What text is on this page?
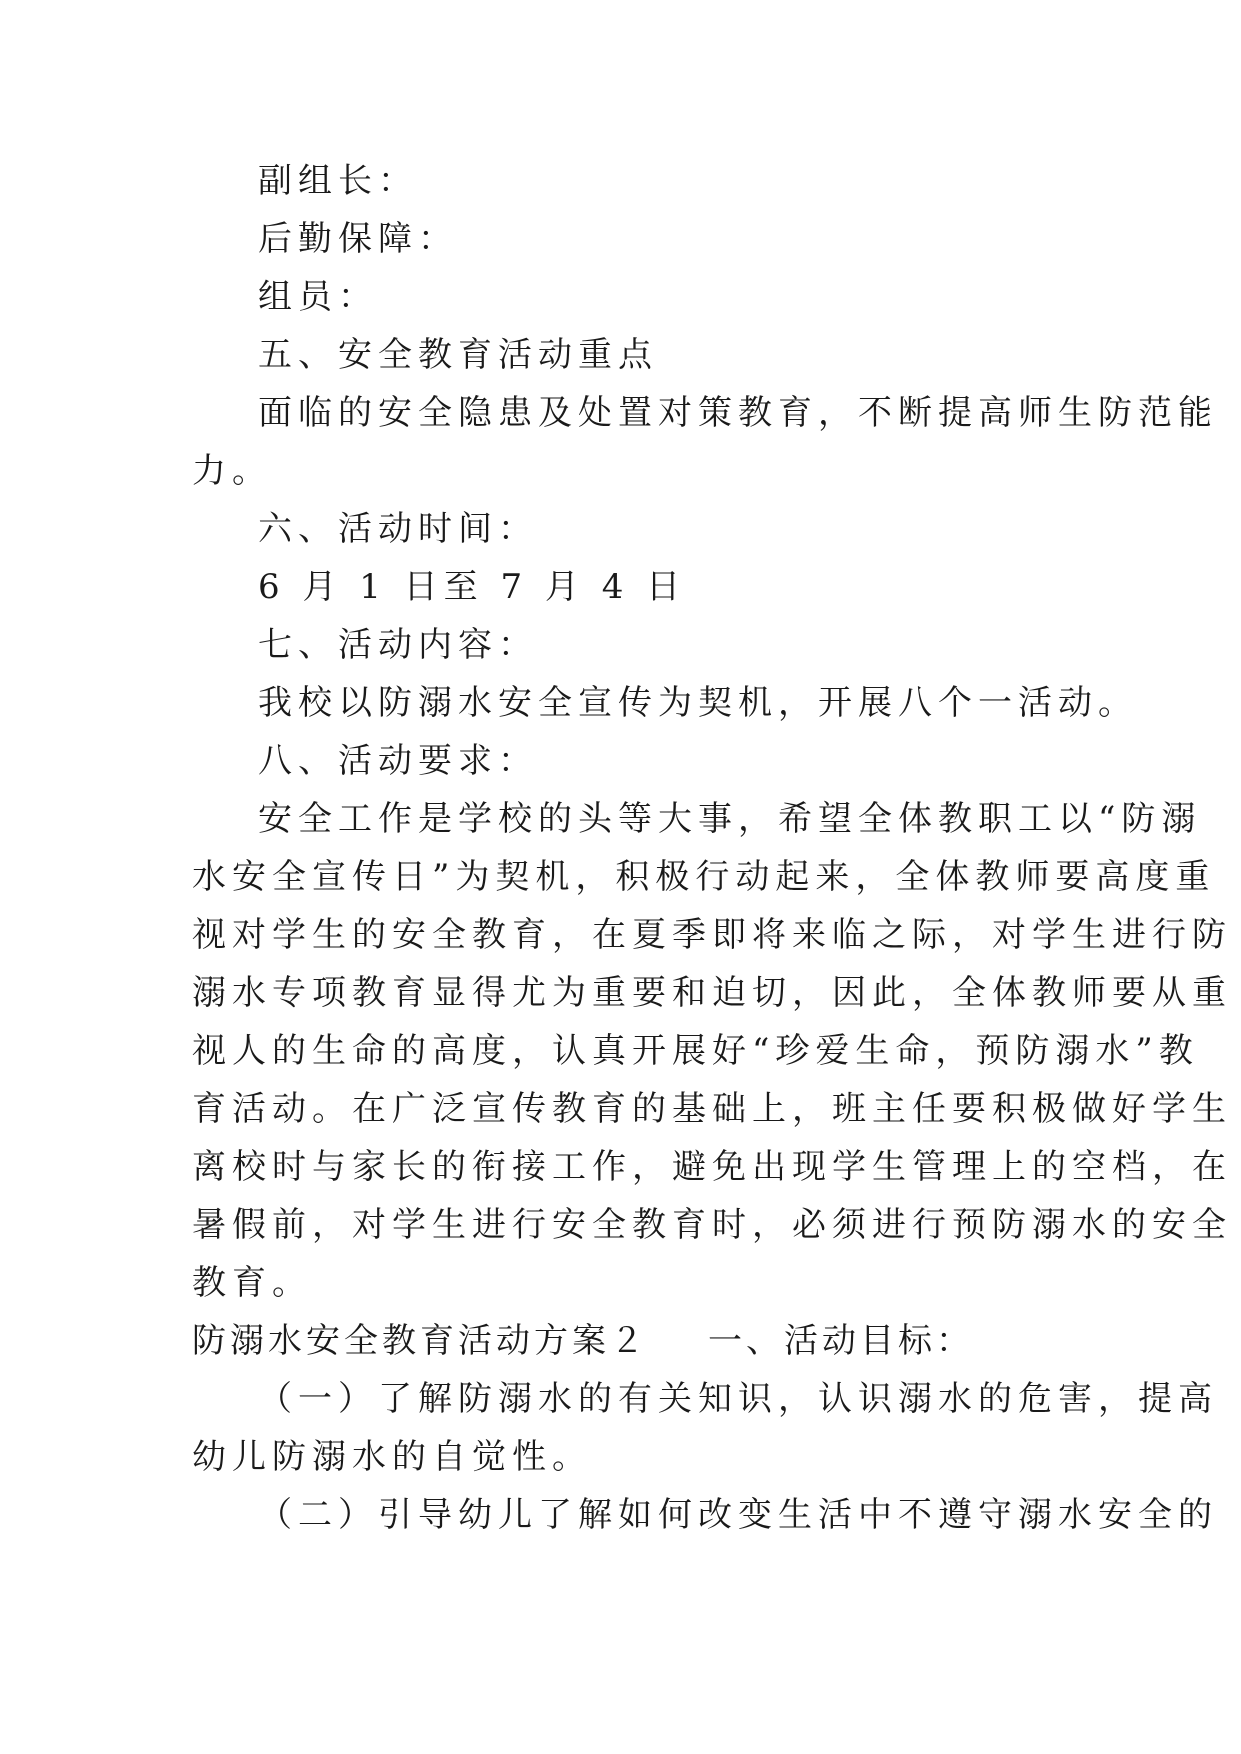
副组长：
后勤保障：
组员：
五、安全教育活动重点
面临的安全隐患及处置对策教育，不断提高师生防范能
力。
六、活动时间：
6 月 1 日至 7 月 4 日
七、活动内容：
我校以防溺水安全宣传为契机，开展八个一活动。
八、活动要求：
安全工作是学校的头等大事，希望全体教职工以“防溺
水安全宣传日”为契机，积极行动起来，全体教师要高度重
视对学生的安全教育，在夏季即将来临之际，对学生进行防
溺水专项教育显得尤为重要和迫切，因此，全体教师要从重
视人的生命的高度，认真开展好“珍爱生命，预防溺水”教
育活动。在广泛宣传教育的基础上，班主任要积极做好学生
离校时与家长的衔接工作，避免出现学生管理上的空档，在
暑假前，对学生进行安全教育时，必须进行预防溺水的安全
教育。
防溺水安全教育活动方案２ 一、活动目标：
（一）了解防溺水的有关知识，认识溺水的危害，提高
幼儿防溺水的自觉性。
（二）引导幼儿了解如何改变生活中不遵守溺水安全的
